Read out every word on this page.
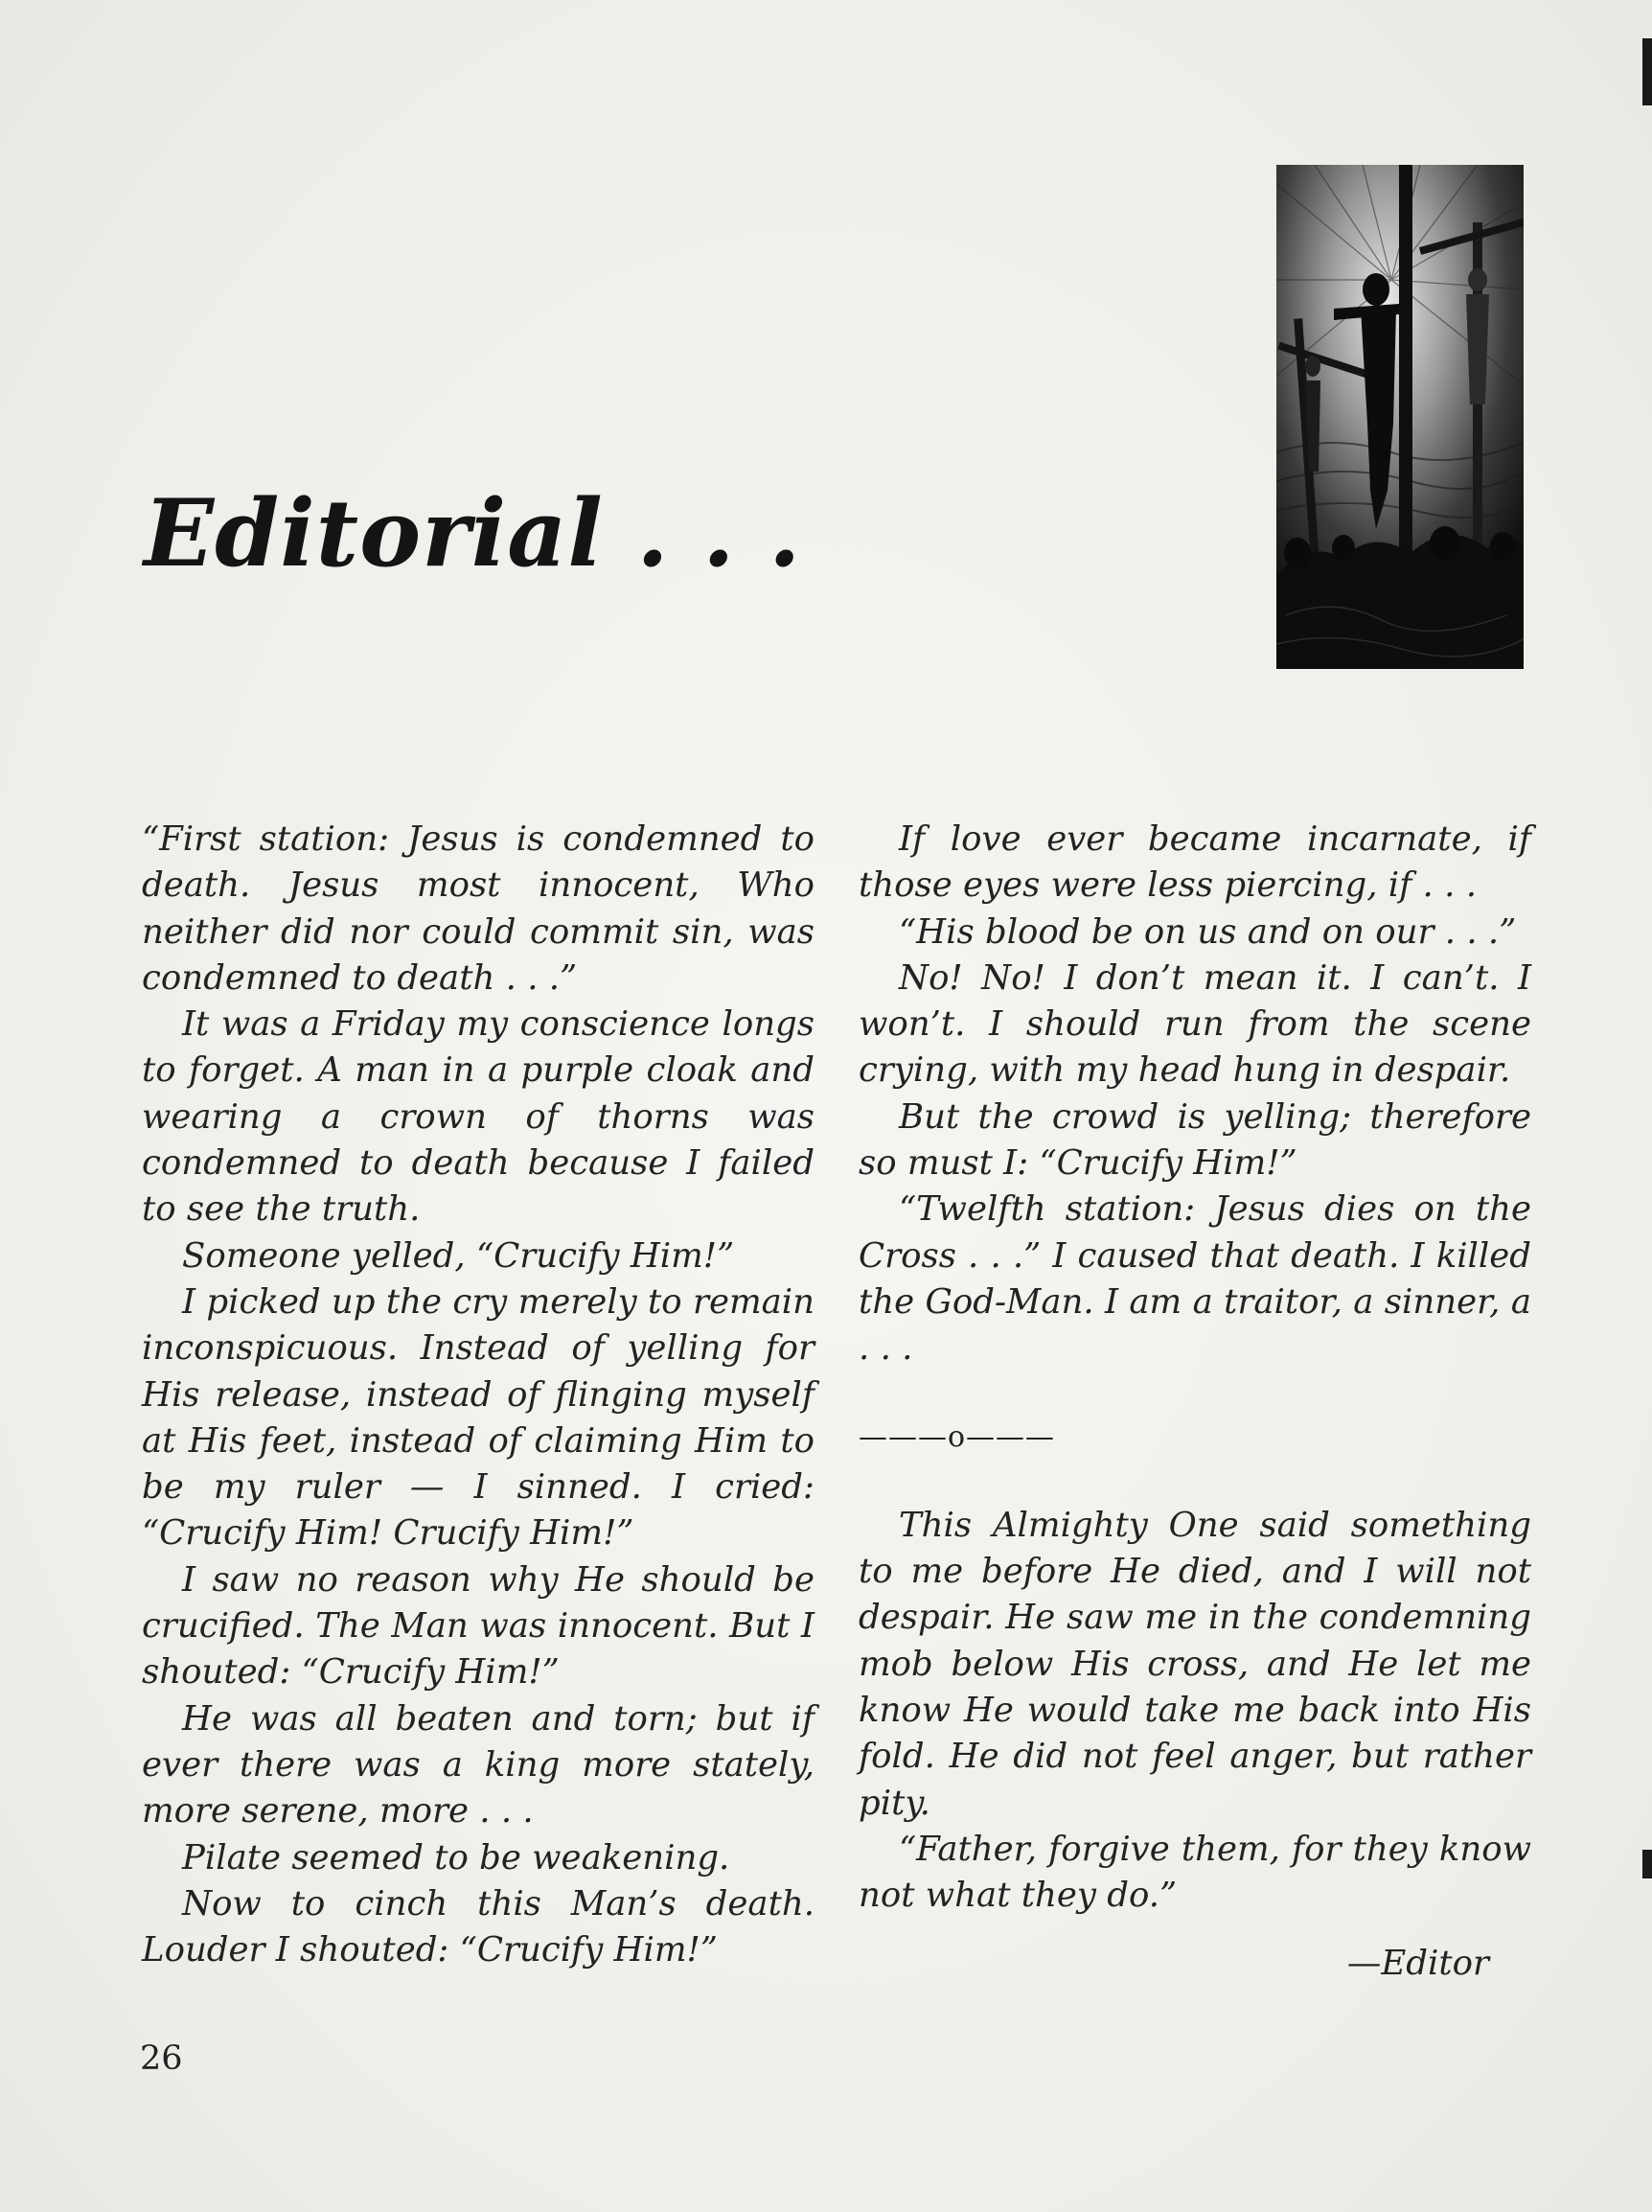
Editorial . . .

“First station: Jesus is condemned to death. Jesus most innocent, Who neither did nor could commit sin, was condemned to death . . .”

It was a Friday my conscience longs to forget. A man in a purple cloak and wearing a crown of thorns was condemned to death because I failed to see the truth.

Someone yelled, “Crucify Him!”

I picked up the cry merely to remain inconspicuous. Instead of yelling for His release, instead of flinging myself at His feet, instead of claiming Him to be my ruler — I sinned. I cried: “Crucify Him! Crucify Him!”

I saw no reason why He should be crucified. The Man was innocent. But I shouted: “Crucify Him!”

He was all beaten and torn; but if ever there was a king more stately, more serene, more . . .

Pilate seemed to be weakening.

Now to cinch this Man’s death. Louder I shouted: “Crucify Him!”

If love ever became incarnate, if those eyes were less piercing, if . . .

“His blood be on us and on our . . .”

No! No! I don’t mean it. I can’t. I won’t. I should run from the scene crying, with my head hung in despair.

But the crowd is yelling; therefore so must I: “Crucify Him!”

“Twelfth station: Jesus dies on the Cross . . .” I caused that death. I killed the God-Man. I am a traitor, a sinner, a . . .

———o———

This Almighty One said something to me before He died, and I will not despair. He saw me in the condemning mob below His cross, and He let me know He would take me back into His fold. He did not feel anger, but rather pity.

“Father, forgive them, for they know not what they do.”

—Editor

26
